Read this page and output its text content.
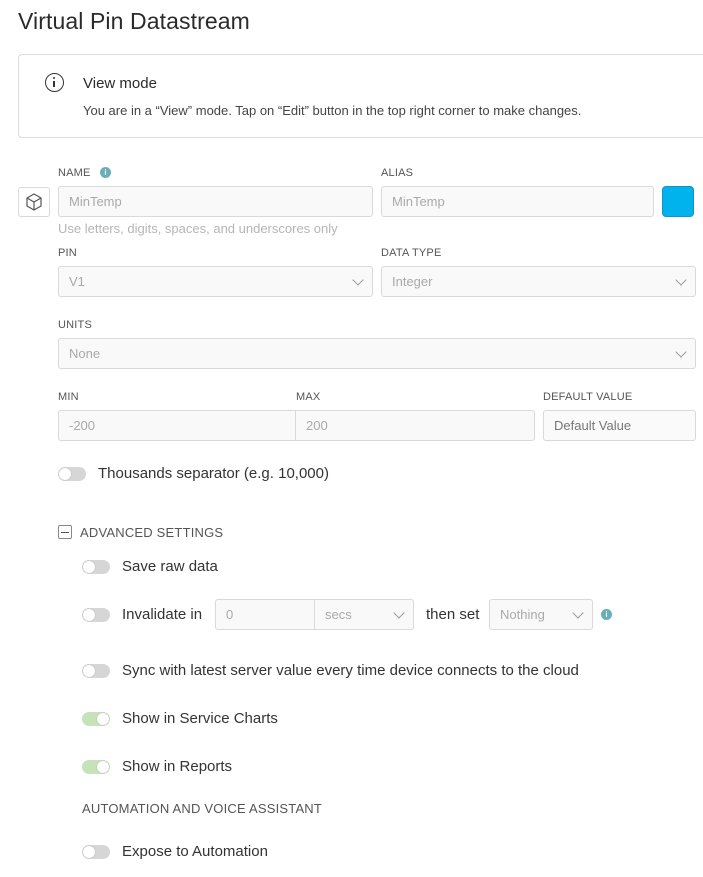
Virtual Pin Datastream
View mode
You are in a “View” mode. Tap on “Edit” button in the top right corner to make changes.
NAME	i	ALIAS
MinTemp	MinTemp
Use letters, digits, spaces, and underscores only
PIN	DATA TYPE
V1	Integer
UNITS
None
MIN	MAX	DEFAULT VALUE
-200	200	Default Value
Thousands separator (e.g. 10,000)
ADVANCED SETTINGS
Save raw data
Invalidate in	0	secs	then set	Nothing	i
Sync with latest server value every time device connects to the cloud
Show in Service Charts
Show in Reports
AUTOMATION AND VOICE ASSISTANT
Expose to Automation
